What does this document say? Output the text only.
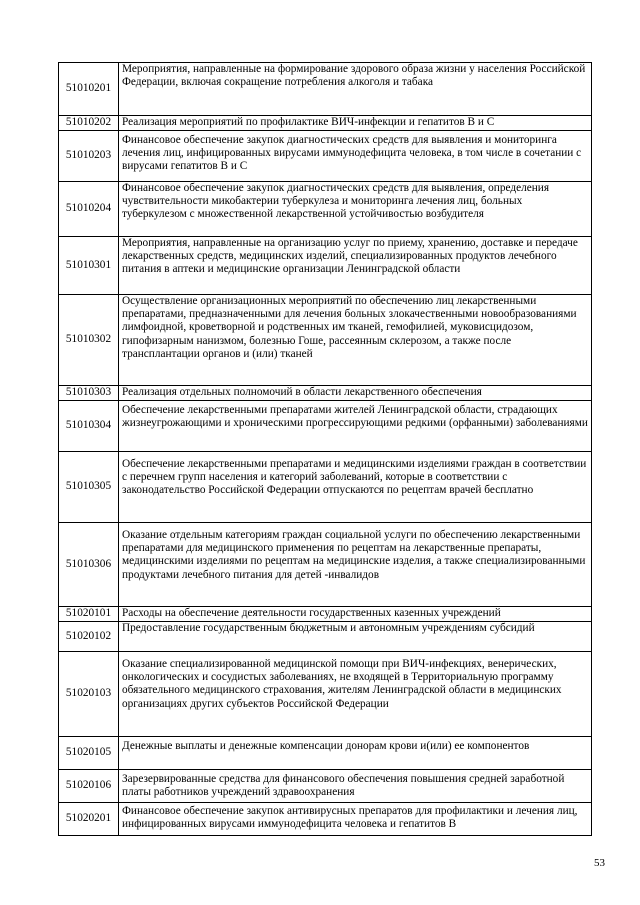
51010201	Мероприятия, направленные на формирование здорового образа жизни у населения Российской Федерации, включая сокращение потребления алкоголя и табака
51010202	Реализация мероприятий по профилактике ВИЧ-инфекции и гепатитов В и С
51010203	Финансовое обеспечение закупок диагностических средств для выявления и мониторинга лечения лиц, инфицированных вирусами иммунодефицита человека, в том числе в сочетании с вирусами гепатитов В и С
51010204	Финансовое обеспечение закупок диагностических средств для выявления, определения чувствительности микобактерии туберкулеза и мониторинга лечения лиц, больных туберкулезом с множественной лекарственной устойчивостью возбудителя
51010301	Мероприятия, направленные на организацию услуг по приему, хранению, доставке и передаче лекарственных средств, медицинских изделий, специализированных продуктов лечебного питания в аптеки и медицинские организации Ленинградской области
51010302	Осуществление организационных мероприятий по обеспечению лиц лекарственными препаратами, предназначенными для лечения больных злокачественными новообразованиями лимфоидной, кроветворной и родственных им тканей, гемофилией, муковисцидозом, гипофизарным нанизмом, болезнью Гоше, рассеянным склерозом, а также после трансплантации органов и (или) тканей
51010303	Реализация отдельных полномочий в области лекарственного обеспечения
51010304	Обеспечение лекарственными препаратами жителей Ленинградской области, страдающих жизнеугрожающими и хроническими прогрессирующими редкими (орфанными) заболеваниями
51010305	Обеспечение лекарственными препаратами и медицинскими изделиями граждан в соответствии с перечнем групп населения и категорий заболеваний, которые в соответствии с законодательство Российской Федерации отпускаются по рецептам врачей бесплатно
51010306	Оказание отдельным категориям граждан социальной услуги по обеспечению лекарственными препаратами для медицинского применения по рецептам на лекарственные препараты, медицинскими изделиями по рецептам на медицинские изделия, а также специализированными продуктами лечебного питания для детей -инвалидов
51020101	Расходы на обеспечение деятельности государственных казенных учреждений
51020102	Предоставление государственным бюджетным и автономным учреждениям субсидий
51020103	Оказание специализированной медицинской помощи при ВИЧ-инфекциях, венерических, онкологических и сосудистых заболеваниях, не входящей в Территориальную программу обязательного медицинского страхования, жителям Ленинградской области в медицинских организациях других субъектов Российской Федерации
51020105	Денежные выплаты и денежные компенсации донорам крови и(или) ее компонентов
51020106	Зарезервированные средства для финансового обеспечения повышения средней заработной платы работников учреждений здравоохранения
51020201	Финансовое обеспечение закупок антивирусных препаратов для профилактики и лечения лиц, инфицированных вирусами иммунодефицита человека и гепатитов В
53
